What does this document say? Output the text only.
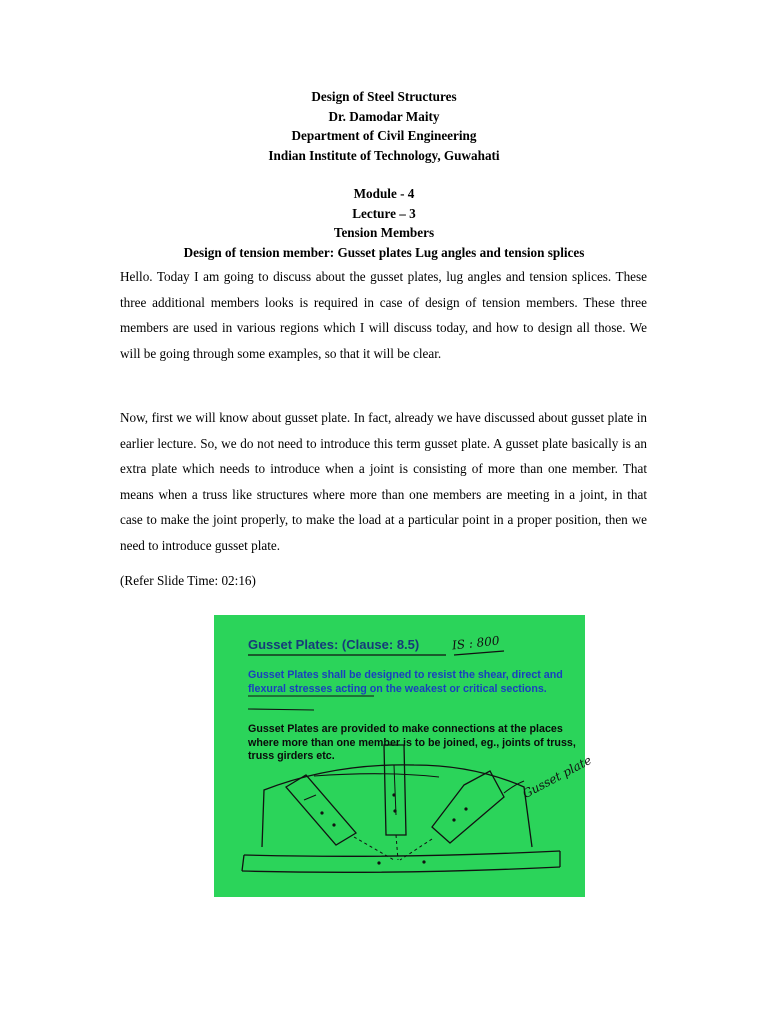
Design of Steel Structures
Dr. Damodar Maity
Department of Civil Engineering
Indian Institute of Technology, Guwahati
Module - 4
Lecture – 3
Tension Members
Design of tension member: Gusset plates Lug angles and tension splices

Hello. Today I am going to discuss about the gusset plates, lug angles and tension splices. These three additional members looks is required in case of design of tension members. These three members are used in various regions which I will discuss today, and how to design all those. We will be going through some examples, so that it will be clear.

Now, first we will know about gusset plate. In fact, already we have discussed about gusset plate in earlier lecture. So, we do not need to introduce this term gusset plate. A gusset plate basically is an extra plate which needs to introduce when a joint is consisting of more than one member. That means when a truss like structures where more than one members are meeting in a joint, in that case to make the joint properly, to make the load at a particular point in a proper position, then we need to introduce gusset plate.

(Refer Slide Time: 02:16)
Gusset Plates: (Clause: 8.5)	IS : 800
Gusset Plates shall be designed to resist the shear, direct and flexural stresses acting on the weakest or critical sections.
Gusset Plates are provided to make connections at the places where more than one member is to be joined, eg., joints of truss, truss girders etc.	Gusset plate
